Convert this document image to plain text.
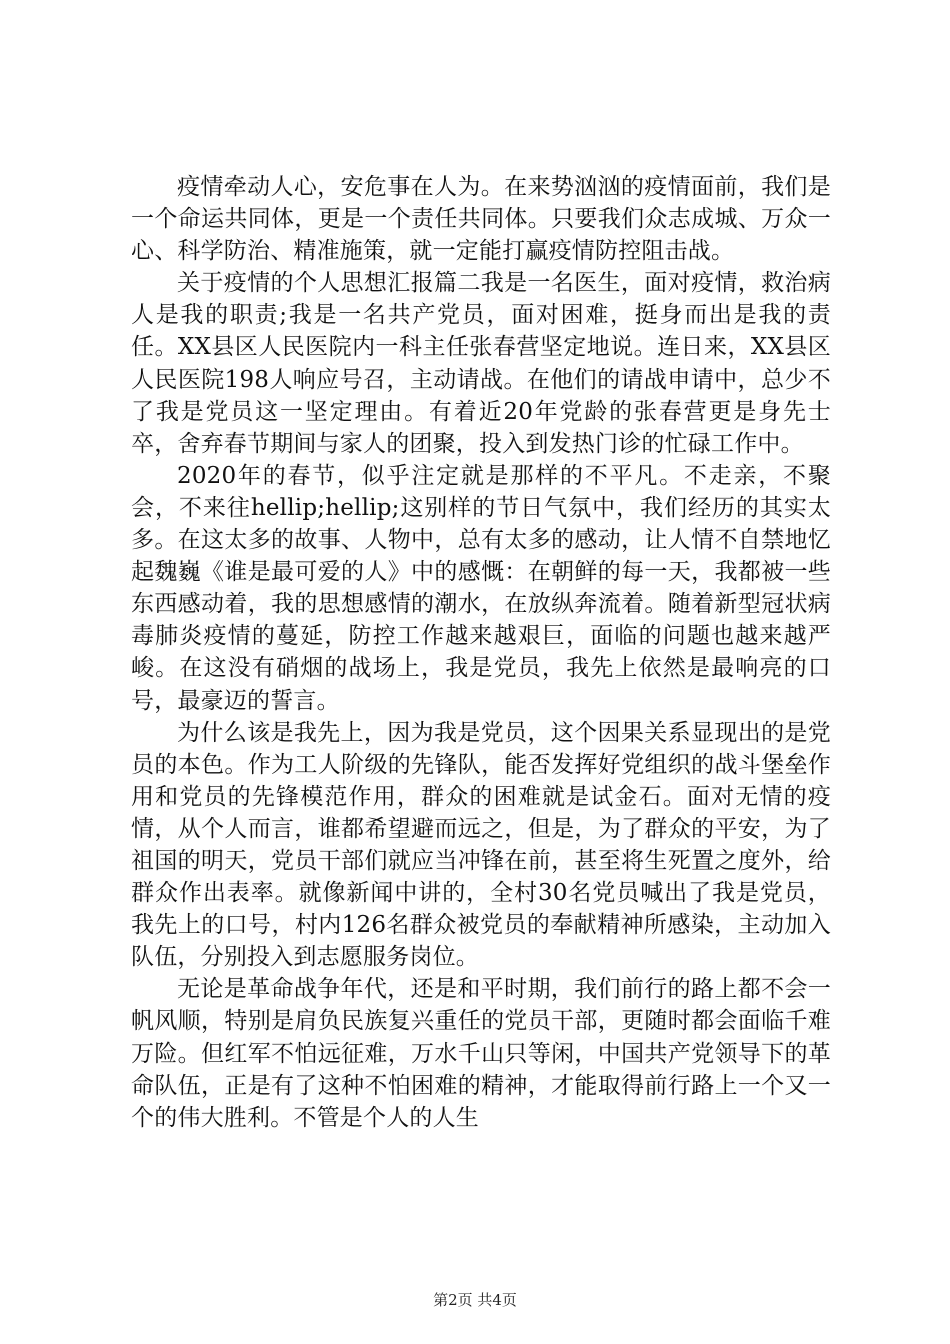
疫情牵动人心，安危事在人为。在来势汹汹的疫情面前，我们是一个命运共同体，更是一个责任共同体。只要我们众志成城、万众一心、科学防治、精准施策，就一定能打赢疫情防控阻击战。

关于疫情的个人思想汇报篇二我是一名医生，面对疫情，救治病人是我的职责;我是一名共产党员，面对困难，挺身而出是我的责任。XX县区人民医院内一科主任张春营坚定地说。连日来，XX县区人民医院198人响应号召，主动请战。在他们的请战申请中，总少不了我是党员这一坚定理由。有着近20年党龄的张春营更是身先士卒，舍弃春节期间与家人的团聚，投入到发热门诊的忙碌工作中。

2020年的春节，似乎注定就是那样的不平凡。不走亲，不聚会，不来往hellip;hellip;这别样的节日气氛中，我们经历的其实太多。在这太多的故事、人物中，总有太多的感动，让人情不自禁地忆起魏巍《谁是最可爱的人》中的感慨：在朝鲜的每一天，我都被一些东西感动着，我的思想感情的潮水，在放纵奔流着。随着新型冠状病毒肺炎疫情的蔓延，防控工作越来越艰巨，面临的问题也越来越严峻。在这没有硝烟的战场上，我是党员，我先上依然是最响亮的口号，最豪迈的誓言。

为什么该是我先上，因为我是党员，这个因果关系显现出的是党员的本色。作为工人阶级的先锋队，能否发挥好党组织的战斗堡垒作用和党员的先锋模范作用，群众的困难就是试金石。面对无情的疫情，从个人而言，谁都希望避而远之，但是，为了群众的平安，为了祖国的明天，党员干部们就应当冲锋在前，甚至将生死置之度外，给群众作出表率。就像新闻中讲的，全村30名党员喊出了我是党员，我先上的口号，村内126名群众被党员的奉献精神所感染，主动加入队伍，分别投入到志愿服务岗位。

无论是革命战争年代，还是和平时期，我们前行的路上都不会一帆风顺，特别是肩负民族复兴重任的党员干部，更随时都会面临千难万险。但红军不怕远征难，万水千山只等闲，中国共产党领导下的革命队伍，正是有了这种不怕困难的精神，才能取得前行路上一个又一个的伟大胜利。不管是个人的人生

第2页 共4页
